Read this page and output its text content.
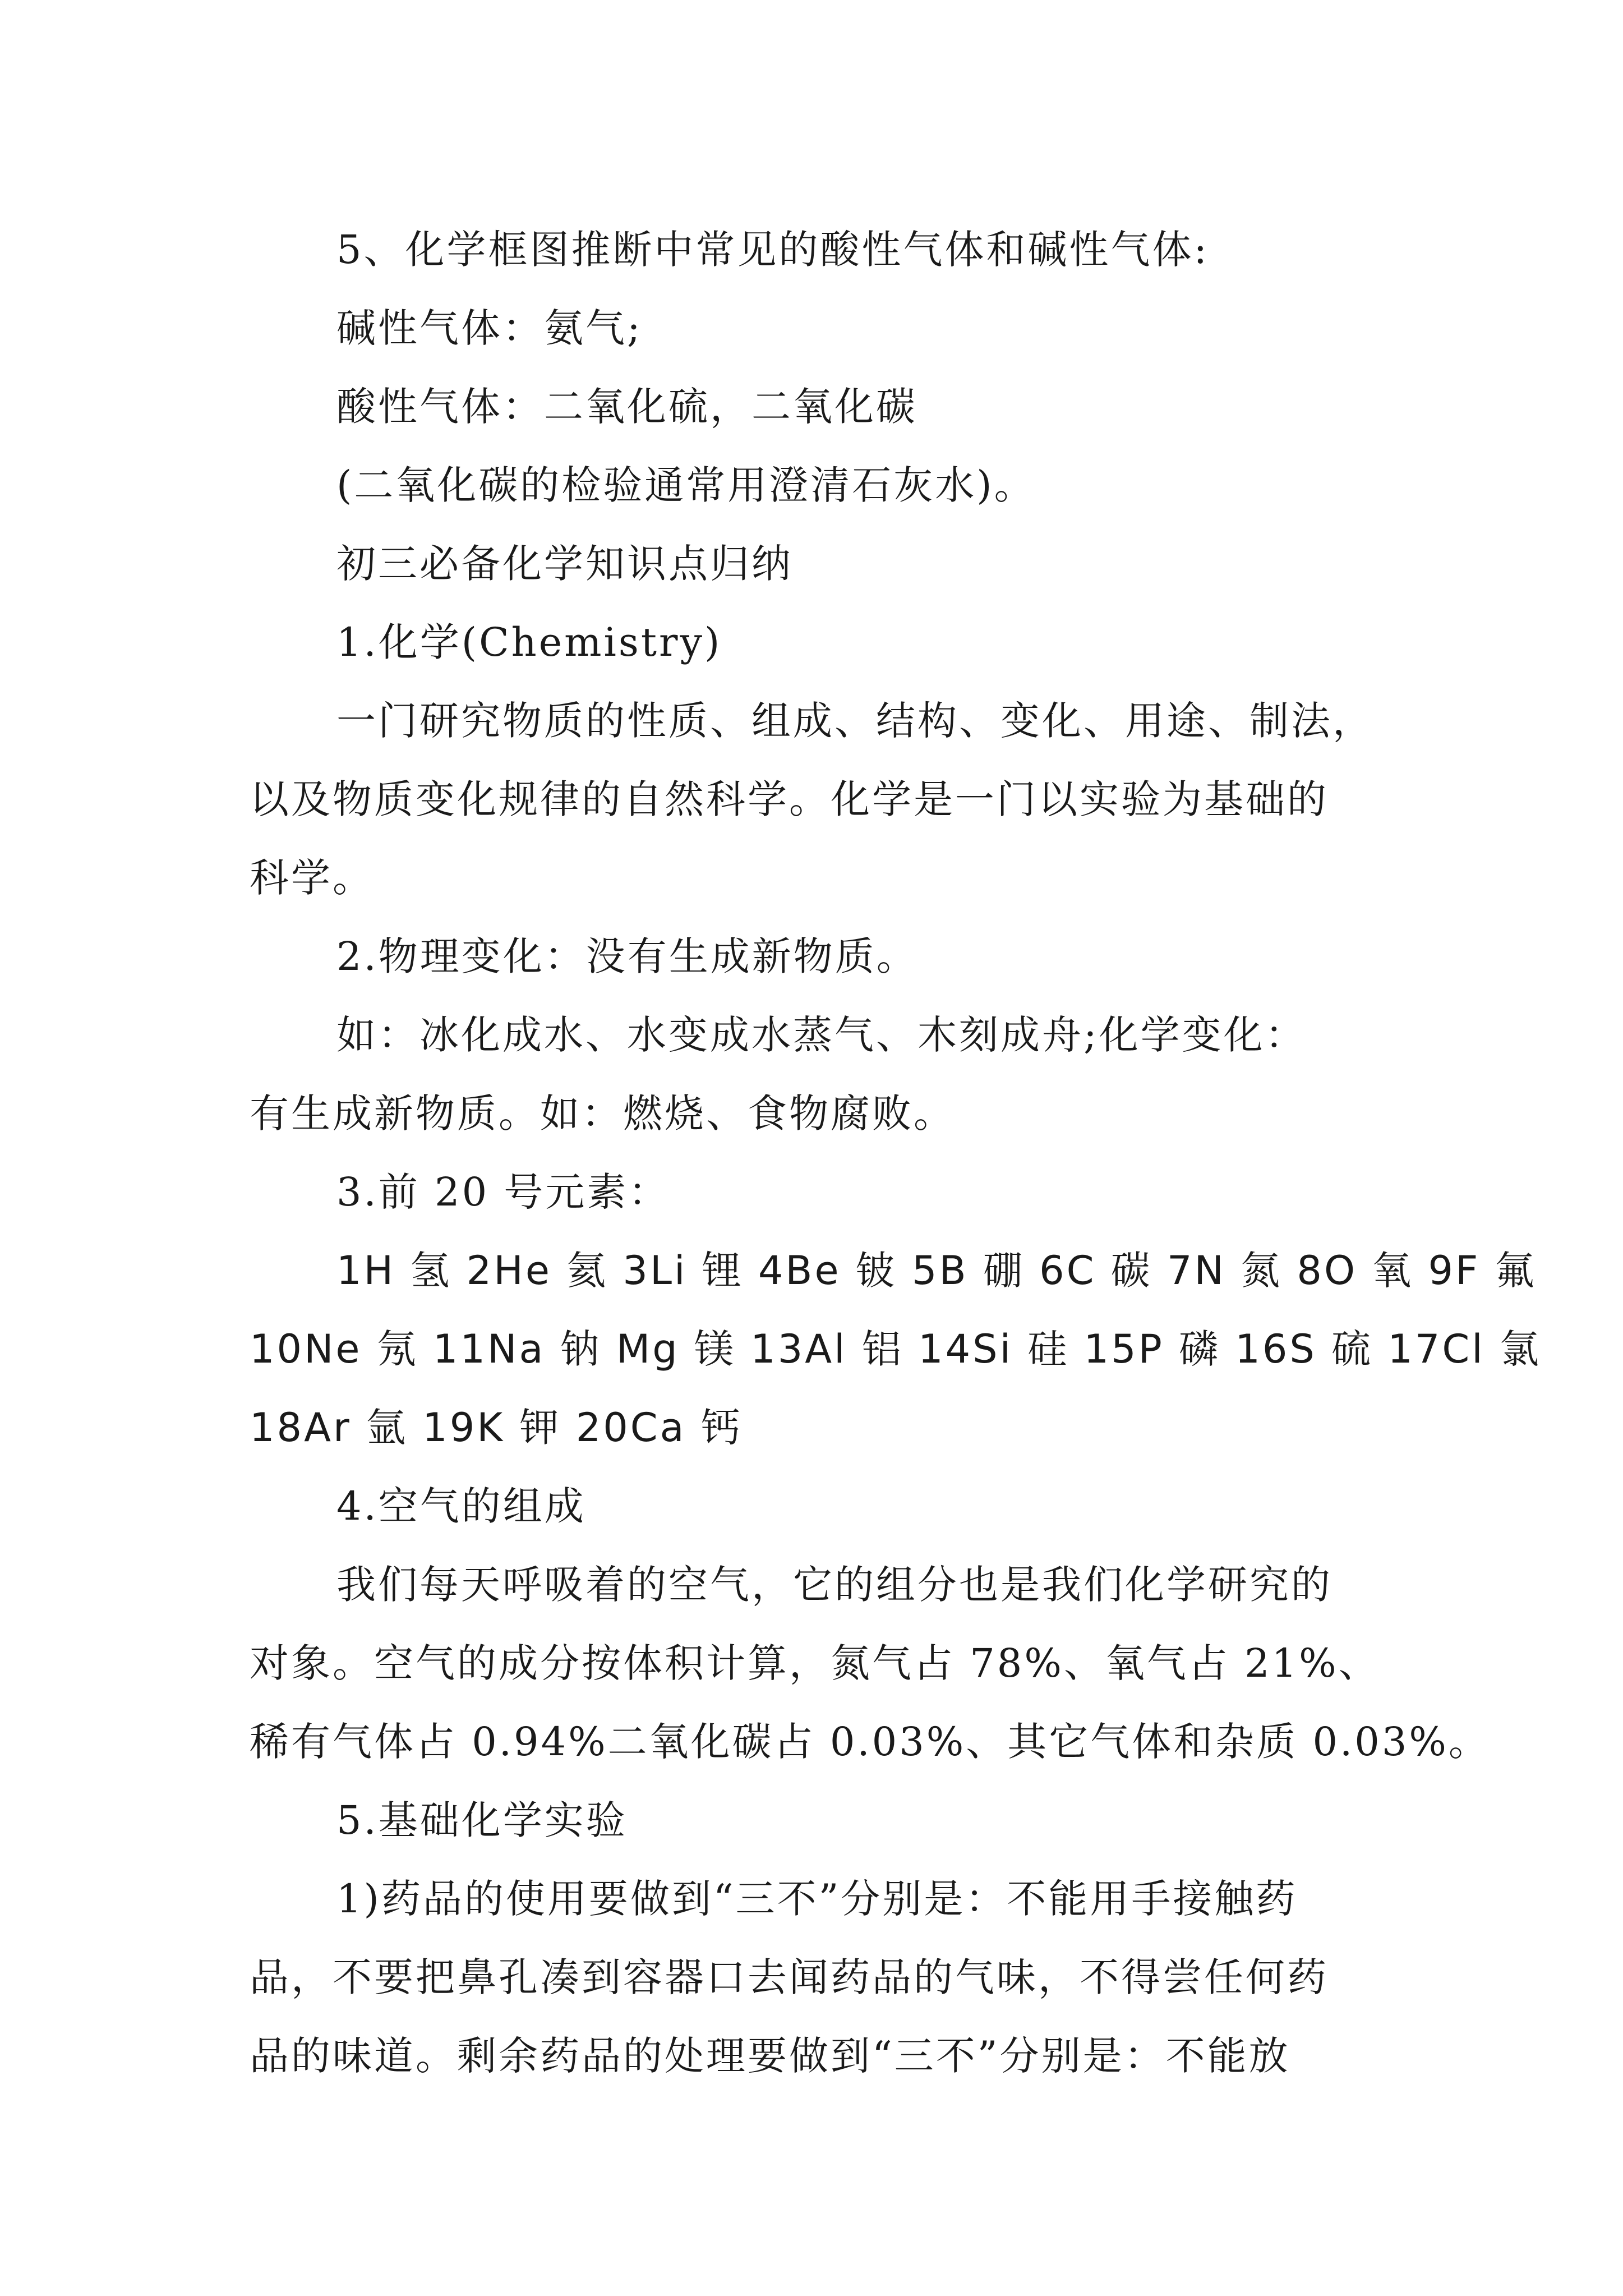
5、化学框图推断中常见的酸性气体和碱性气体:
碱性气体：氨气;
酸性气体：二氧化硫，二氧化碳
(二氧化碳的检验通常用澄清石灰水)。
初三必备化学知识点归纳
1.化学(Chemistry)
一门研究物质的性质、组成、结构、变化、用途、制法，
以及物质变化规律的自然科学。化学是一门以实验为基础的
科学。
2.物理变化：没有生成新物质。
如：冰化成水、水变成水蒸气、木刻成舟;化学变化：
有生成新物质。如：燃烧、食物腐败。
3.前 20 号元素：
1H 氢 2He 氦 3Li 锂 4Be 铍 5B 硼 6C 碳 7N 氮 8O 氧 9F 氟
10Ne 氖 11Na 钠 Mg 镁 13Al 铝 14Si 硅 15P 磷 16S 硫 17Cl 氯
18Ar 氩 19K 钾 20Ca 钙
4.空气的组成
我们每天呼吸着的空气，它的组分也是我们化学研究的
对象。空气的成分按体积计算，氮气占 78%、氧气占 21%、
稀有气体占 0.94%二氧化碳占 0.03%、其它气体和杂质 0.03%。
5.基础化学实验
1)药品的使用要做到“三不”分别是：不能用手接触药
品，不要把鼻孔凑到容器口去闻药品的气味，不得尝任何药
品的味道。剩余药品的处理要做到“三不”分别是：不能放
